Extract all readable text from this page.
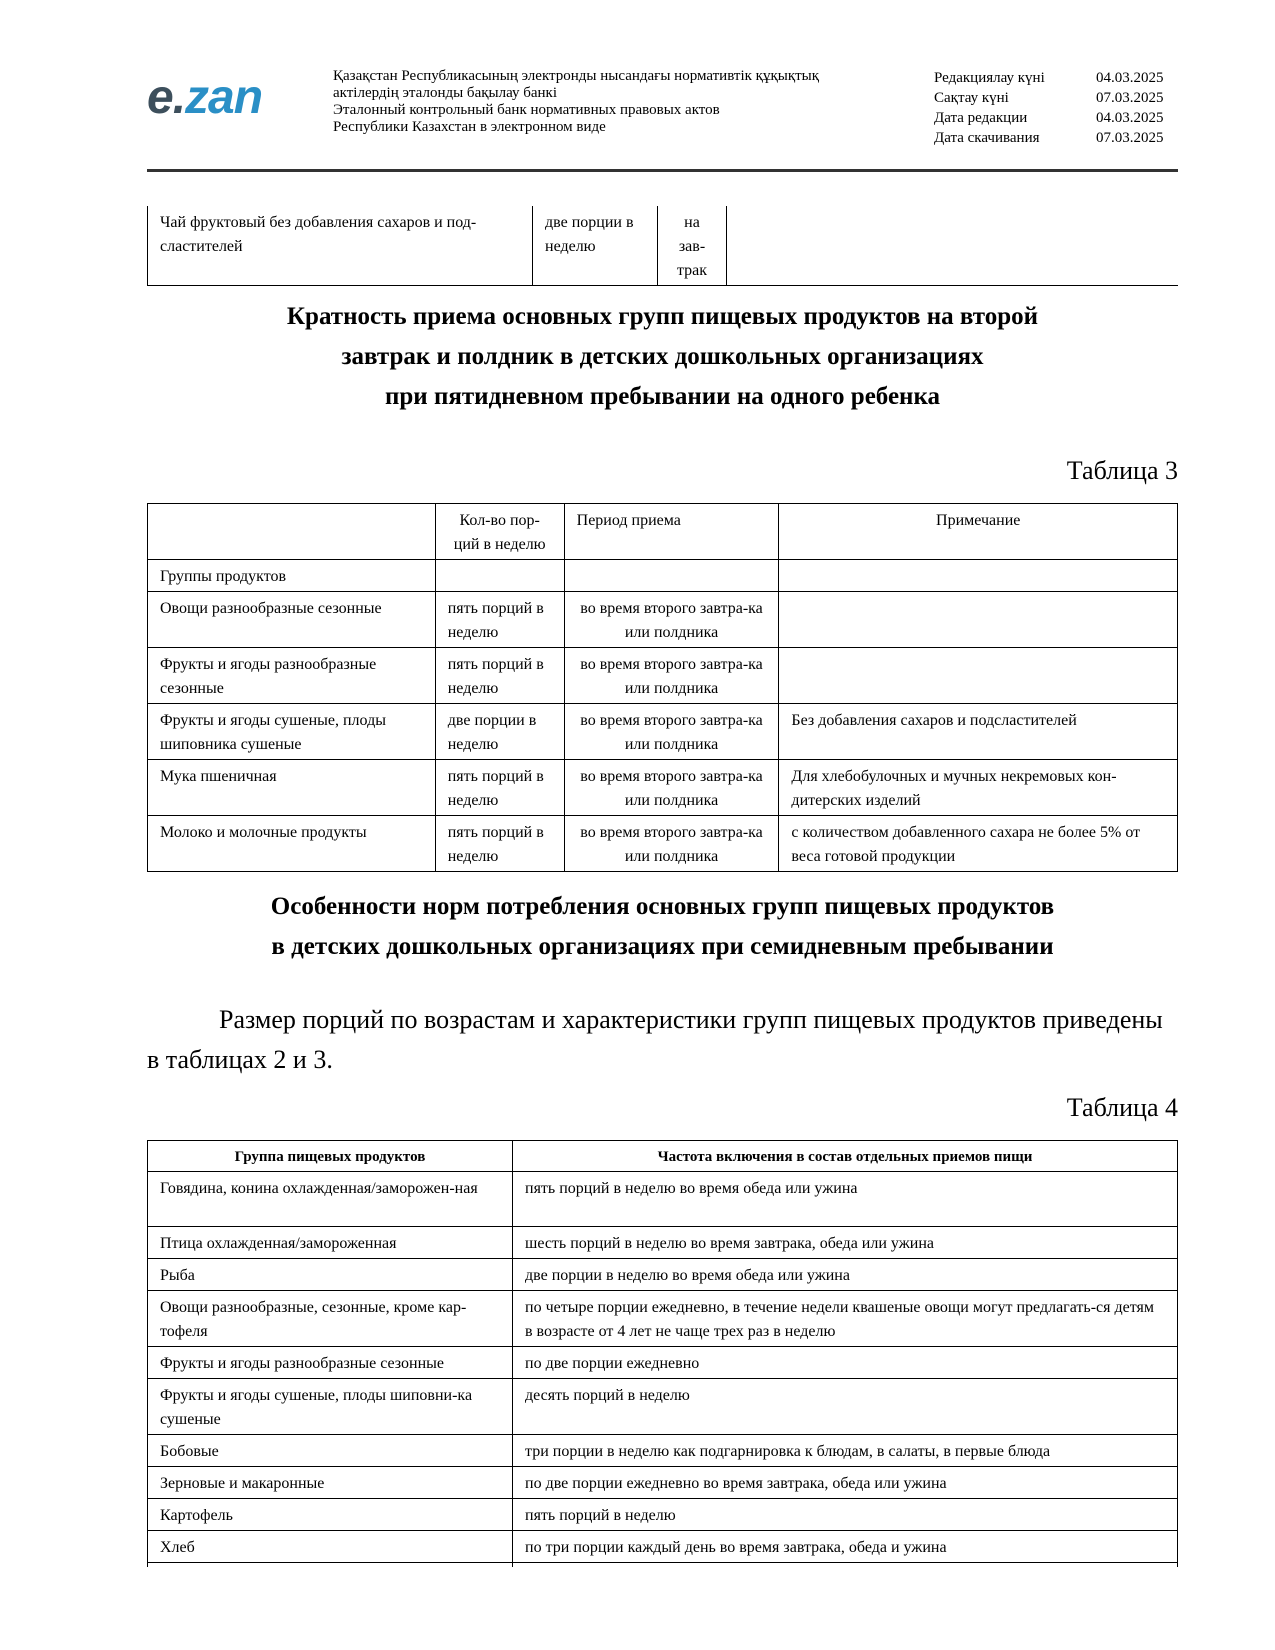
e.zan	Қазақстан Республикасының электронды нысандағы нормативтік құқықтық
актілердің эталонды бақылау банкі
Эталонный контрольный банк нормативных правовых актов
Республики Казахстан в электронном виде
Редакциялау күні	04.03.2025
Сақтау күні	07.03.2025
Дата редакции	04.03.2025
Дата скачивания	07.03.2025
Чай фруктовый без добавления сахаров и под-сластителей	две порции в неделю	на зав-трак	
Кратность приема основных групп пищевых продуктов на второй
завтрак и полдник в детских дошкольных организациях
при пятидневном пребывании на одного ребенка
Таблица 3
	Кол-во пор-ций в неделю	Период приема	Примечание
Группы продуктов			
Овощи разнообразные сезонные	пять порций в неделю	во время второго завтра-ка или полдника	
Фрукты и ягоды разнообразные сезонные	пять порций в неделю	во время второго завтра-ка или полдника	
Фрукты и ягоды сушеные, плоды шиповника сушеные	две порции в неделю	во время второго завтра-ка или полдника	Без добавления сахаров и подсластителей
Мука пшеничная	пять порций в неделю	во время второго завтра-ка или полдника	Для хлебобулочных и мучных некремовых кон-дитерских изделий
Молоко и молочные продукты	пять порций в неделю	во время второго завтра-ка или полдника	с количеством добавленного сахара не более 5% от веса готовой продукции
Особенности норм потребления основных групп пищевых продуктов
в детских дошкольных организациях при семидневным пребывании
Размер порций по возрастам и характеристики групп пищевых продуктов приведены в таблицах 2 и 3.
Таблица 4
Группа пищевых продуктов	Частота включения в состав отдельных приемов пищи
Говядина, конина охлажденная/заморожен-ная	пять порций в неделю во время обеда или ужина
Птица охлажденная/замороженная	шесть порций в неделю во время завтрака, обеда или ужина
Рыба	две порции в неделю во время обеда или ужина
Овощи разнообразные, сезонные, кроме кар-тофеля	по четыре порции ежедневно, в течение недели квашеные овощи могут предлагать-ся детям в возрасте от 4 лет не чаще трех раз в неделю
Фрукты и ягоды разнообразные сезонные	по две порции ежедневно
Фрукты и ягоды сушеные, плоды шиповни-ка сушеные	десять порций в неделю
Бобовые	три порции в неделю как подгарнировка к блюдам, в салаты, в первые блюда
Зерновые и макаронные	по две порции ежедневно во время завтрака, обеда или ужина
Картофель	пять порций в неделю
Хлеб	по три порции каждый день во время завтрака, обеда и ужина
